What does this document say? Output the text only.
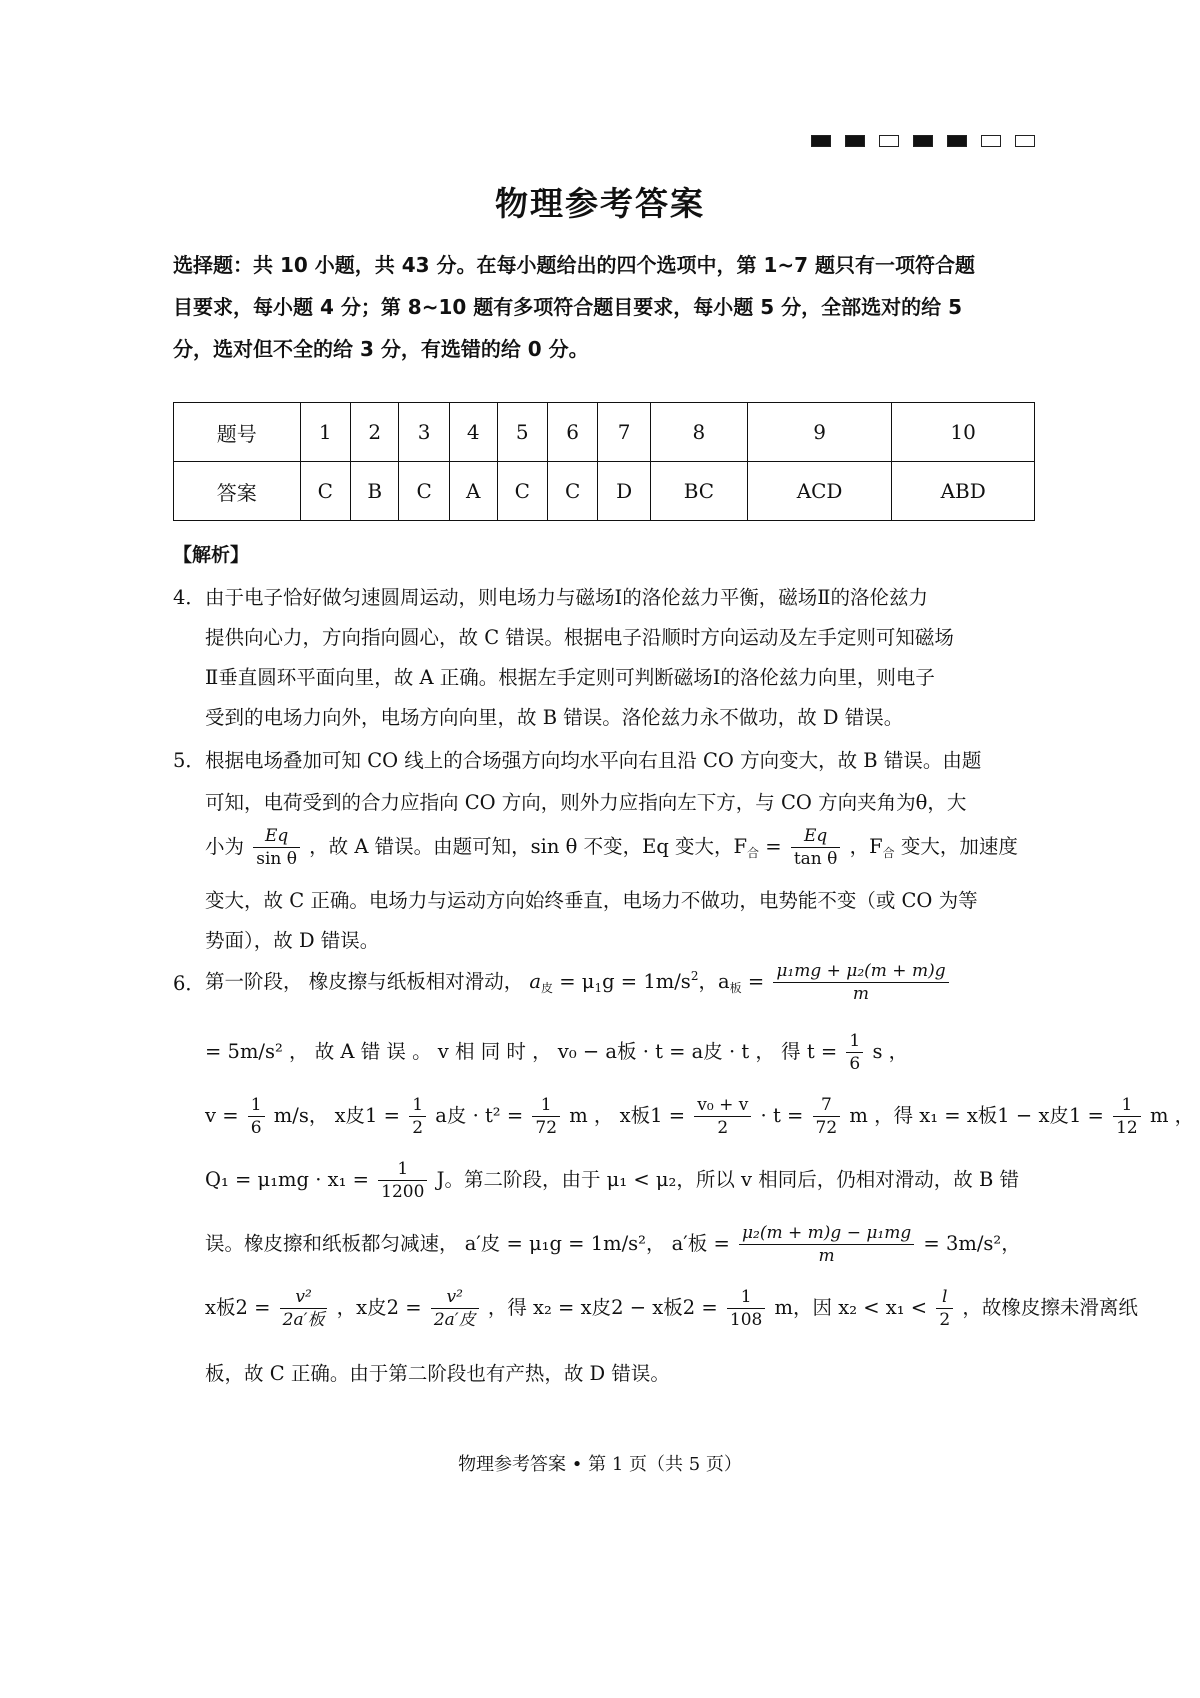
物理参考答案
选择题：共 10 小题，共 43 分。在每小题给出的四个选项中，第 1~7 题只有一项符合题
目要求，每小题 4 分；第 8~10 题有多项符合题目要求，每小题 5 分，全部选对的给 5
分，选对但不全的给 3 分，有选错的给 0 分。
题号	1	2	3	4	5	6	7	8	9	10
答案	C	B	C	A	C	C	D	BC	ACD	ABD
【解析】
4． 由于电子恰好做匀速圆周运动，则电场力与磁场Ⅰ的洛伦兹力平衡，磁场Ⅱ的洛伦兹力
提供向心力，方向指向圆心，故 C 错误。根据电子沿顺时方向运动及左手定则可知磁场
Ⅱ垂直圆环平面向里，故 A 正确。根据左手定则可判断磁场Ⅰ的洛伦兹力向里，则电子
受到的电场力向外，电场方向向里，故 B 错误。洛伦兹力永不做功，故 D 错误。
5． 根据电场叠加可知 CO 线上的合场强方向均水平向右且沿 CO 方向变大，故 B 错误。由题
可知，电荷受到的合力应指向 CO 方向，则外力应指向左下方，与 CO 方向夹角为θ，大
小为 $\frac{Eq}{\text{sin θ}}$ ，故 A 错误。由题可知，sin θ 不变，Eq 变大，$F_合 = \frac{Eq}{\text{tan θ}}$ ，$F_合$ 变大，加速度
变大，故 C 正确。电场力与运动方向始终垂直，电场力不做功，电势能不变（或 CO 为等
势面），故 D 错误。
6． 第一阶段， 橡皮擦与纸板相对滑动， $a_皮 = \mu_1g = 1m/s^2$，$a_板 = \frac{\text{μ₁mg + μ₂(m + m)g}}{m}$
= 5m/s² ， 故 A 错 误 。 v 相 同 时 ， v₀ − a板 · t = a皮 · t ， 得 $t = \frac{1}{6}$ s ，
$v = \frac{1}{6} m/s$， x皮$1 = \frac{1}{2}$ a皮 · $t^2 = \frac{1}{72}$ m ， x板$1 = \frac{\text{v₀ + v}}{2} \cdot t = \frac{7}{72}$ m ，得 x₁ = x板1 − x皮$1 = \frac{1}{12}$ m ，
$Q_1 = \mu_1mg \cdot x_1 = \frac{1}{1200}$ J。第二阶段，由于 μ₁ < μ₂，所以 v 相同后，仍相对滑动，故 B 错
误。橡皮擦和纸板都匀减速， a′皮 = μ₁g = 1m/s²， a′板 = $\frac{\text{μ₂(m + m)g − μ₁mg}}{m} = 3m/s^2$，
x板$2 = \frac{\text{v²}}{\text{2a′板}}$ ，x皮$2 = \frac{\text{v²}}{\text{2a′皮}}$ ，得 x₂ = x皮2 − x板$2 = \frac{1}{108}$ m，因 $x_2 < x_1 < \frac{l}{2}$ ，故橡皮擦未滑离纸
板，故 C 正确。由于第二阶段也有产热，故 D 错误。
物理参考答案 • 第 1 页（共 5 页）
